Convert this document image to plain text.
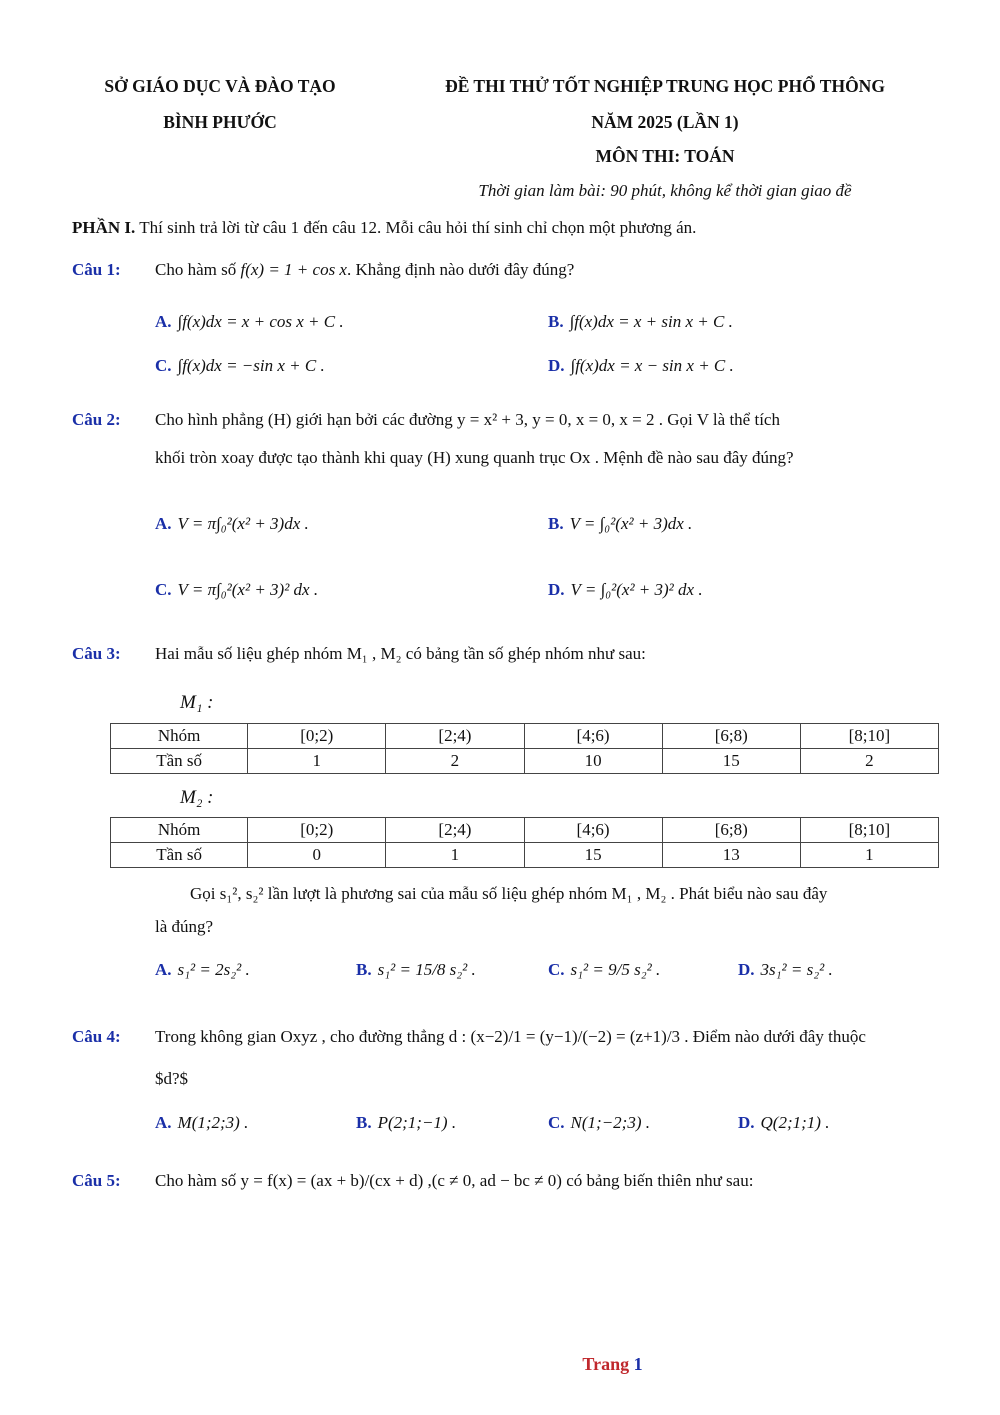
SỞ GIÁO DỤC VÀ ĐÀO TẠO
BÌNH PHƯỚC
ĐỀ THI THỬ TỐT NGHIỆP TRUNG HỌC PHỔ THÔNG
NĂM 2025 (LẦN 1)
MÔN THI: TOÁN
Thời gian làm bài: 90 phút, không kể thời gian giao đề
PHẦN I. Thí sinh trả lời từ câu 1 đến câu 12. Mỗi câu hỏi thí sinh chỉ chọn một phương án.
Câu 1: Cho hàm số f(x) = 1 + cos x. Khẳng định nào dưới đây đúng?
A. ∫f(x)dx = x + cos x + C .	B. ∫f(x)dx = x + sin x + C .
C. ∫f(x)dx = −sin x + C .	D. ∫f(x)dx = x − sin x + C .
Câu 2: Cho hình phẳng (H) giới hạn bởi các đường y = x² + 3, y = 0, x = 0, x = 2 . Gọi V là thể tích
khối tròn xoay được tạo thành khi quay (H) xung quanh trục Ox . Mệnh đề nào sau đây đúng?
A. V = π∫₀²(x² + 3)dx .	B. V = ∫₀²(x² + 3)dx .
C. V = π∫₀²(x² + 3)² dx .	D. V = ∫₀²(x² + 3)² dx .
Câu 3: Hai mẫu số liệu ghép nhóm M₁ , M₂ có bảng tần số ghép nhóm như sau:
M₁ :
Nhóm	[0;2)	[2;4)	[4;6)	[6;8)	[8;10]
Tần số	1	2	10	15	2
M₂ :
Nhóm	[0;2)	[2;4)	[4;6)	[6;8)	[8;10]
Tần số	0	1	15	13	1
Gọi s₁², s₂² lần lượt là phương sai của mẫu số liệu ghép nhóm M₁ , M₂ . Phát biểu nào sau đây
là đúng?
A. s₁² = 2s₂² .	B. s₁² = 15/8 s₂² .	C. s₁² = 9/5 s₂² .	D. 3s₁² = s₂² .
Câu 4: Trong không gian Oxyz , cho đường thẳng d : (x−2)/1 = (y−1)/(−2) = (z+1)/3 . Điểm nào dưới đây thuộc
$d?$
A. M(1;2;3) .	B. P(2;1;−1) .	C. N(1;−2;3) .	D. Q(2;1;1) .
Câu 5: Cho hàm số y = f(x) = (ax + b)/(cx + d) ,(c ≠ 0, ad − bc ≠ 0) có bảng biến thiên như sau:
Trang 1
